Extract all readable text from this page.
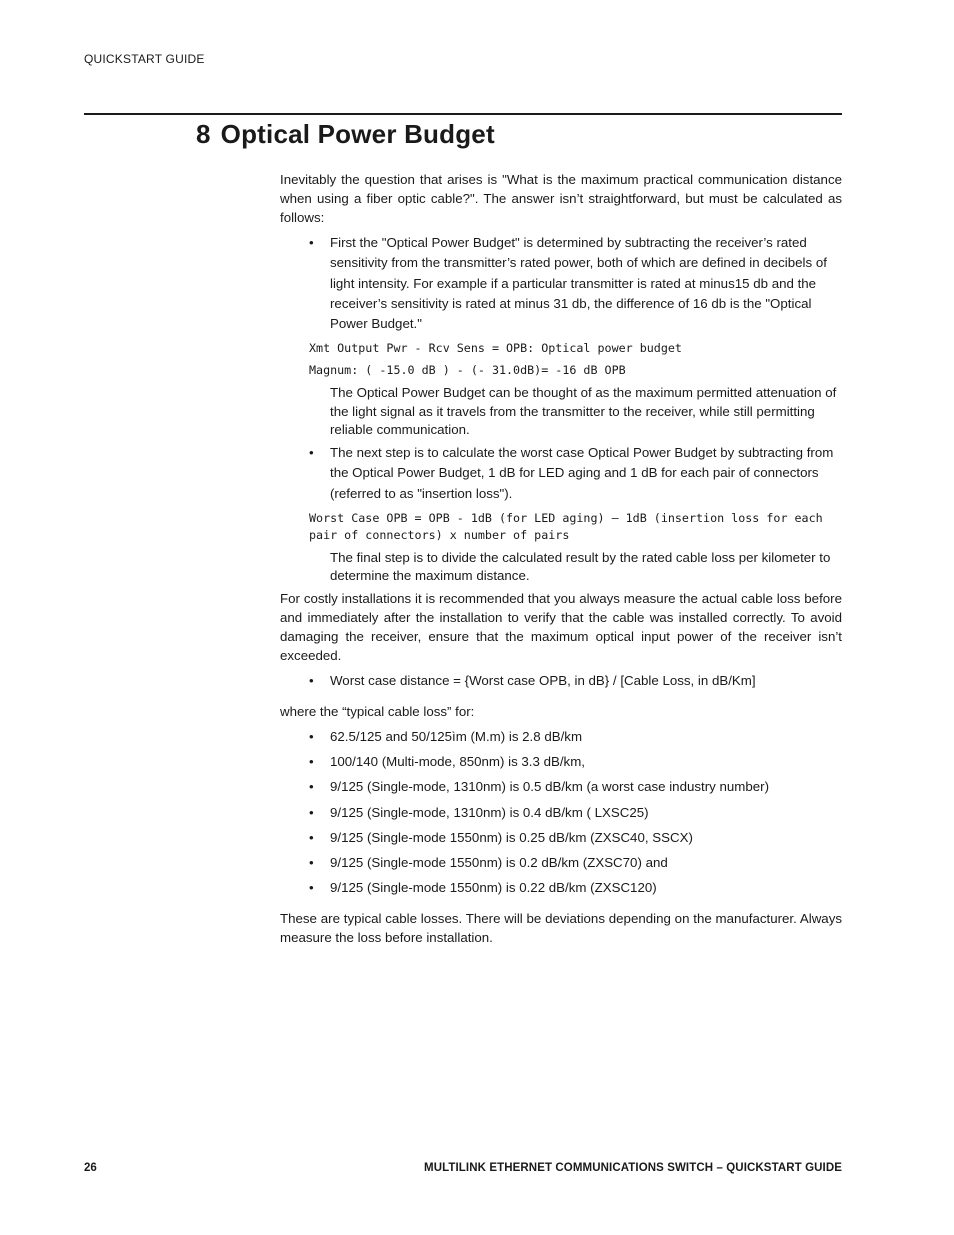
QUICKSTART GUIDE
8 Optical Power Budget

Inevitably the question that arises is "What is the maximum practical communication distance when using a fiber optic cable?". The answer isn’t straightforward, but must be calculated as follows:

• First the "Optical Power Budget" is determined by subtracting the receiver’s rated sensitivity from the transmitter’s rated power, both of which are defined in decibels of light intensity. For example if a particular transmitter is rated at minus15 db and the receiver’s sensitivity is rated at minus 31 db, the difference of 16 db is the "Optical Power Budget."
Xmt Output Pwr - Rcv Sens = OPB: Optical power budget
Magnum: ( -15.0 dB ) - (- 31.0dB)= -16 dB OPB

The Optical Power Budget can be thought of as the maximum permitted attenuation of the light signal as it travels from the transmitter to the receiver, while still permitting reliable communication.

• The next step is to calculate the worst case Optical Power Budget by subtracting from the Optical Power Budget, 1 dB for LED aging and 1 dB for each pair of connectors (referred to as "insertion loss").
Worst Case OPB = OPB - 1dB (for LED aging) – 1dB (insertion loss for each pair of connectors) x number of pairs

The final step is to divide the calculated result by the rated cable loss per kilometer to determine the maximum distance.

For costly installations it is recommended that you always measure the actual cable loss before and immediately after the installation to verify that the cable was installed correctly. To avoid damaging the receiver, ensure that the maximum optical input power of the receiver isn’t exceeded.

• Worst case distance = {Worst case OPB, in dB} / [Cable Loss, in dB/Km]

where the “typical cable loss” for:

• 62.5/125 and 50/125ìm (M.m) is 2.8 dB/km
• 100/140 (Multi-mode, 850nm) is 3.3 dB/km,
• 9/125 (Single-mode, 1310nm) is 0.5 dB/km (a worst case industry number)
• 9/125 (Single-mode, 1310nm) is 0.4 dB/km ( LXSC25)
• 9/125 (Single-mode 1550nm) is 0.25 dB/km (ZXSC40, SSCX)
• 9/125 (Single-mode 1550nm) is 0.2 dB/km (ZXSC70) and
• 9/125 (Single-mode 1550nm) is 0.22 dB/km (ZXSC120)

These are typical cable losses. There will be deviations depending on the manufacturer. Always measure the loss before installation.

26	MULTILINK ETHERNET COMMUNICATIONS SWITCH – QUICKSTART GUIDE
